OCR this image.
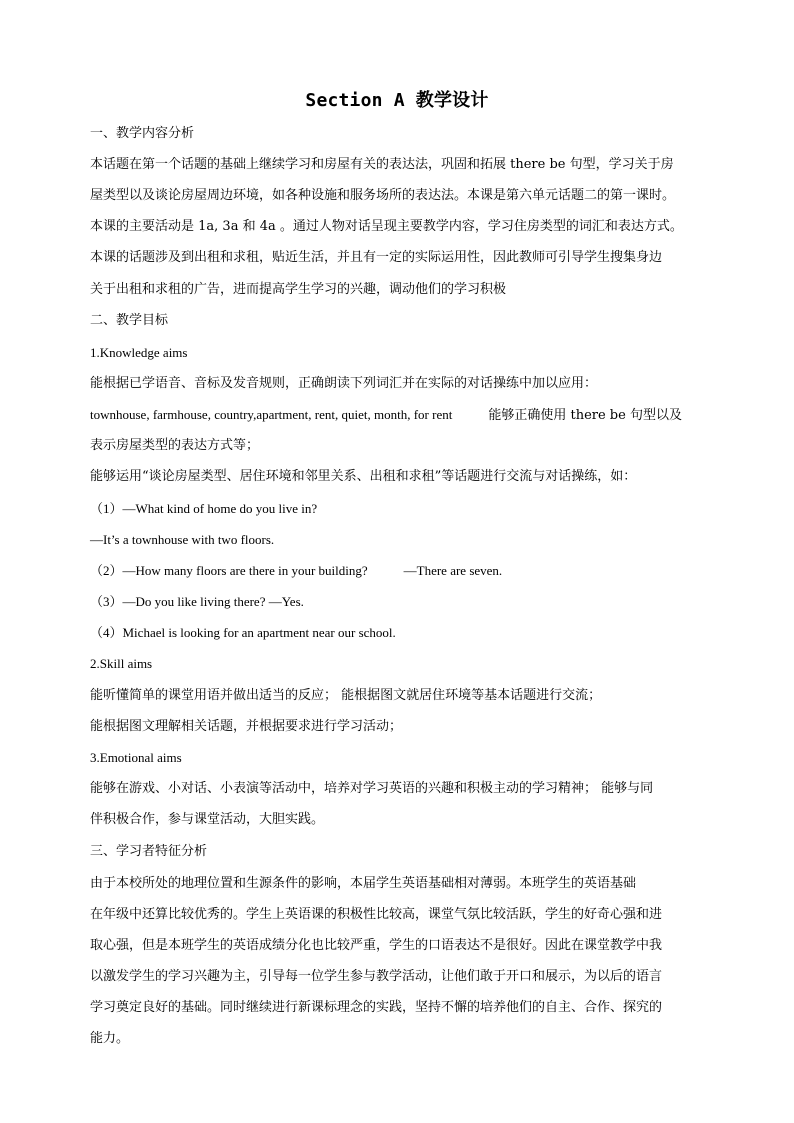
Section A 教学设计
一、教学内容分析
本话题在第一个话题的基础上继续学习和房屋有关的表达法，巩固和拓展 there be 句型，学习关于房
屋类型以及谈论房屋周边环境，如各种设施和服务场所的表达法。本课是第六单元话题二的第一课时。
本课的主要活动是 1a, 3a 和 4a 。通过人物对话呈现主要教学内容，学习住房类型的词汇和表达方式。
本课的话题涉及到出租和求租，贴近生活，并且有一定的实际运用性，因此教师可引导学生搜集身边
关于出租和求租的广告，进而提高学生学习的兴趣，调动他们的学习积极
二、教学目标
1.Knowledge aims
能根据已学语音、音标及发音规则，正确朗读下列词汇并在实际的对话操练中加以应用：
townhouse, farmhouse, country,apartment, rent, quiet, month, for rent	能够正确使用 there be 句型以及
表示房屋类型的表达方式等；
能够运用“谈论房屋类型、居住环境和邻里关系、出租和求租”等话题进行交流与对话操练，如：
（1）—What kind of home do you live in?
—It’s a townhouse with two floors.
（2）—How many floors are there in your building?	—There are seven.
（3）—Do you like living there? —Yes.
（4）Michael is looking for an apartment near our school.
2.Skill aims
能听懂简单的课堂用语并做出适当的反应； 能根据图文就居住环境等基本话题进行交流；
能根据图文理解相关话题，并根据要求进行学习活动；
3.Emotional aims
能够在游戏、小对话、小表演等活动中，培养对学习英语的兴趣和积极主动的学习精神； 能够与同
伴积极合作，参与课堂活动，大胆实践。
三、学习者特征分析
由于本校所处的地理位置和生源条件的影响，本届学生英语基础相对薄弱。本班学生的英语基础
在年级中还算比较优秀的。学生上英语课的积极性比较高，课堂气氛比较活跃，学生的好奇心强和进
取心强，但是本班学生的英语成绩分化也比较严重，学生的口语表达不是很好。因此在课堂教学中我
以激发学生的学习兴趣为主，引导每一位学生参与教学活动，让他们敢于开口和展示，为以后的语言
学习奠定良好的基础。同时继续进行新课标理念的实践，坚持不懈的培养他们的自主、合作、探究的
能力。
